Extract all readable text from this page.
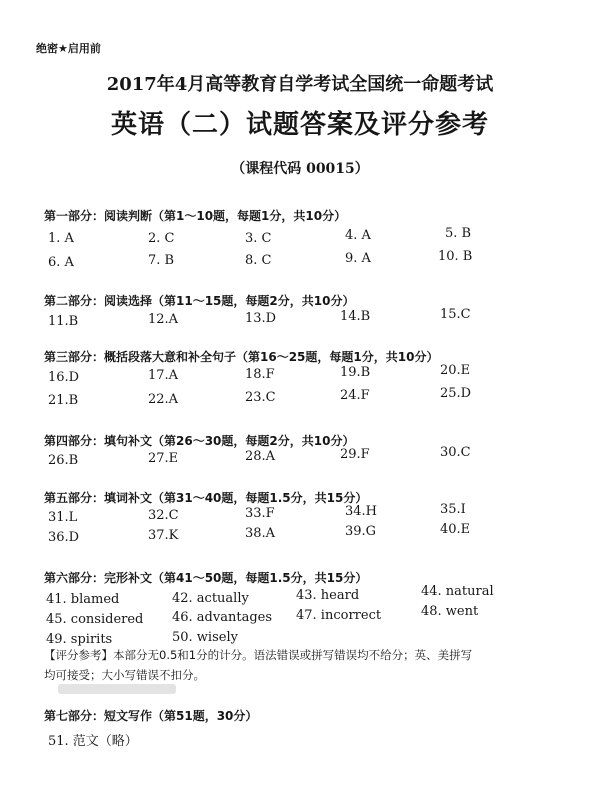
绝密★启用前
2017年4月高等教育自学考试全国统一命题考试
英语（二）试题答案及评分参考
（课程代码 00015）
第一部分：阅读判断（第1～10题，每题1分，共10分）
1. A	2. C	3. C	4. A	5. B
6. A	7. B	8. C	9. A	10. B
第二部分：阅读选择（第11～15题，每题2分，共10分）
11.B	12.A	13.D	14.B	15.C
第三部分：概括段落大意和补全句子（第16～25题，每题1分，共10分）
16.D	17.A	18.F	19.B	20.E
21.B	22.A	23.C	24.F	25.D
第四部分：填句补文（第26～30题，每题2分，共10分）
26.B	27.E	28.A	29.F	30.C
第五部分：填词补文（第31～40题，每题1.5分，共15分）
31.L	32.C	33.F	34.H	35.I
36.D	37.K	38.A	39.G	40.E
第六部分：完形补文（第41～50题，每题1.5分，共15分）
41. blamed	42. actually	43. heard	44. natural
45. considered 46. advantages 47. incorrect	48. went
49. spirits	50. wisely
【评分参考】本部分无0.5和1分的计分。语法错误或拼写错误均不给分；英、美拼写
均可接受；大小写错误不扣分。
第七部分：短文写作（第51题，30分）
51. 范文（略）
